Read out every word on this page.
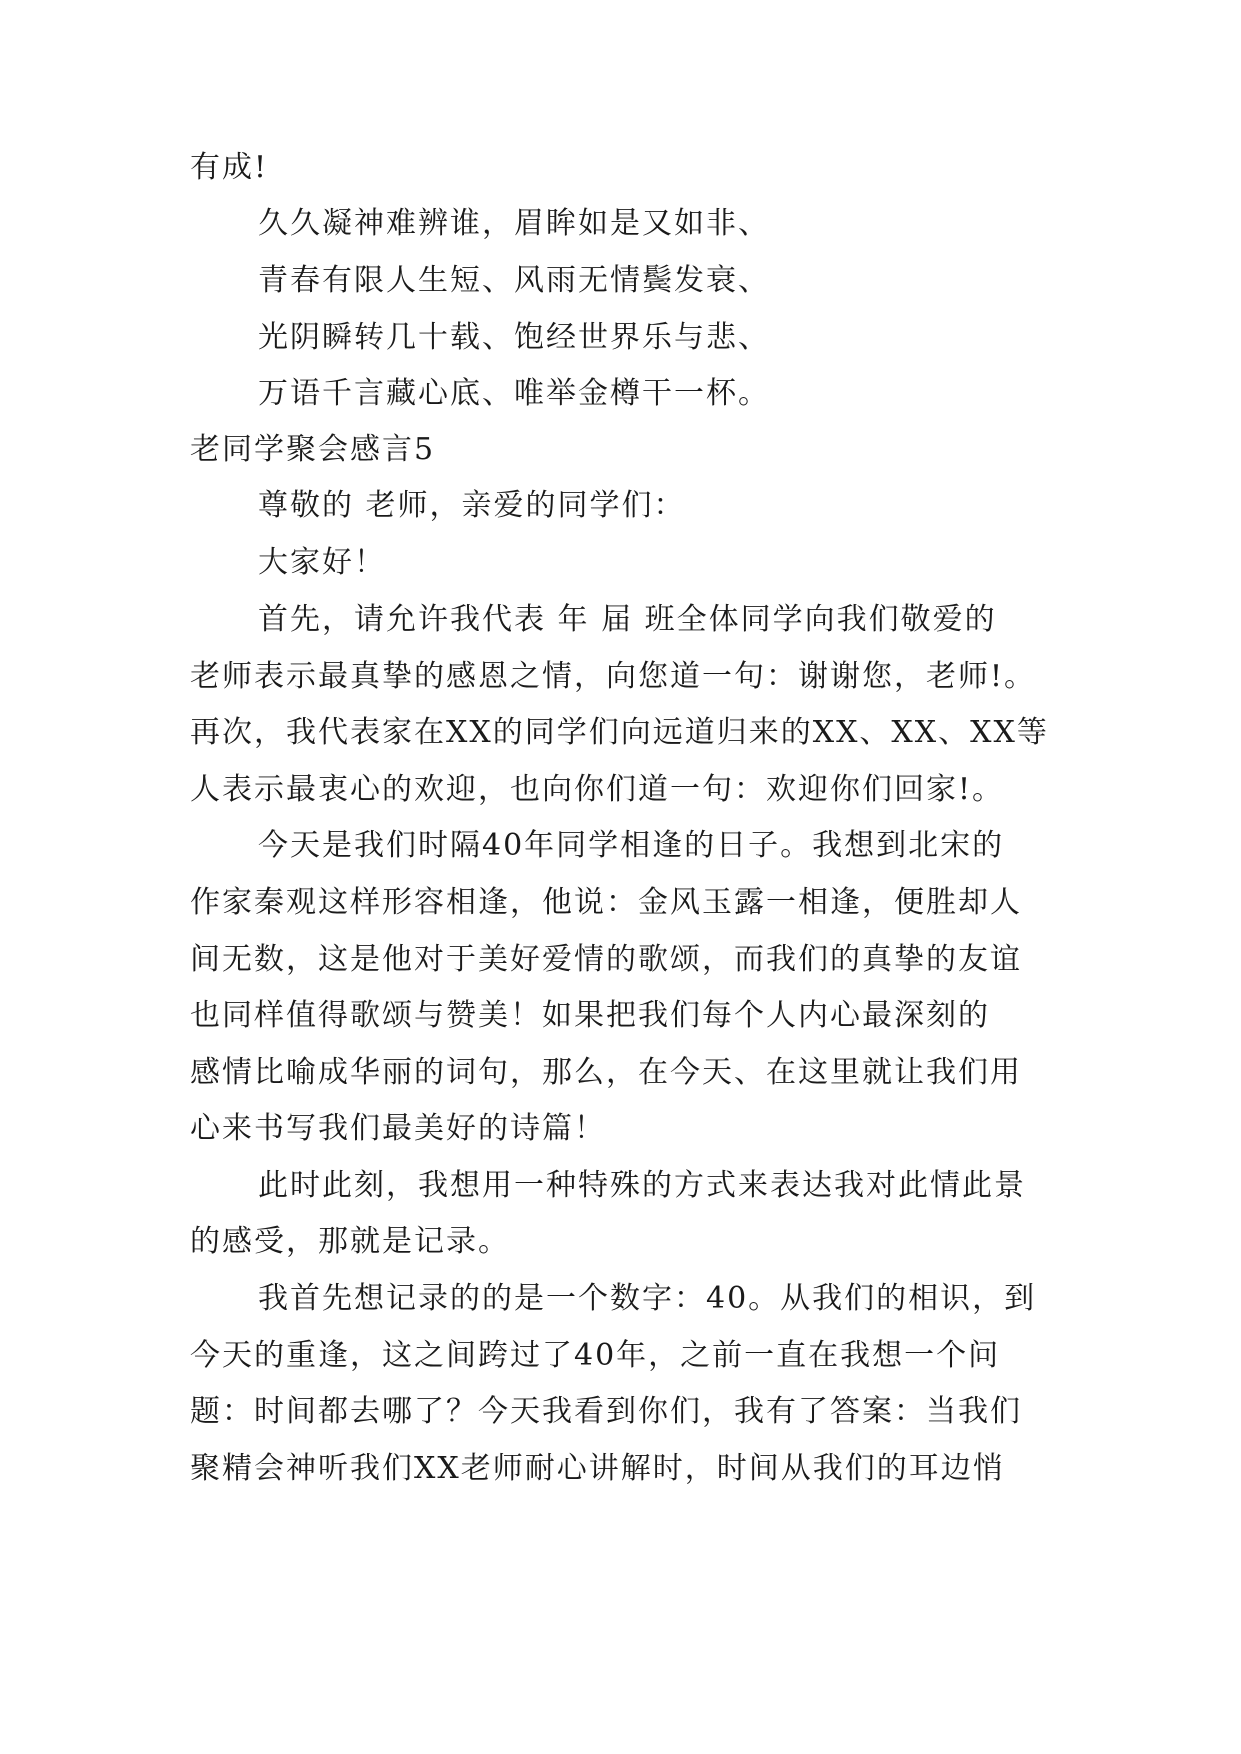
有成!
久久凝神难辨谁，眉眸如是又如非、
青春有限人生短、风雨无情鬓发衰、
光阴瞬转几十载、饱经世界乐与悲、
万语千言藏心底、唯举金樽干一杯。
老同学聚会感言5
尊敬的 老师，亲爱的同学们：
大家好！
首先，请允许我代表 年 届 班全体同学向我们敬爱的
老师表示最真挚的感恩之情，向您道一句：谢谢您，老师!。
再次，我代表家在XX的同学们向远道归来的XX、XX、XX等
人表示最衷心的欢迎，也向你们道一句：欢迎你们回家!。
今天是我们时隔40年同学相逢的日子。我想到北宋的
作家秦观这样形容相逢，他说：金风玉露一相逢，便胜却人
间无数，这是他对于美好爱情的歌颂，而我们的真挚的友谊
也同样值得歌颂与赞美！如果把我们每个人内心最深刻的
感情比喻成华丽的词句，那么，在今天、在这里就让我们用
心来书写我们最美好的诗篇！
此时此刻，我想用一种特殊的方式来表达我对此情此景
的感受，那就是记录。
我首先想记录的的是一个数字：40。从我们的相识，到
今天的重逢，这之间跨过了40年，之前一直在我想一个问
题：时间都去哪了？今天我看到你们，我有了答案：当我们
聚精会神听我们XX老师耐心讲解时，时间从我们的耳边悄
